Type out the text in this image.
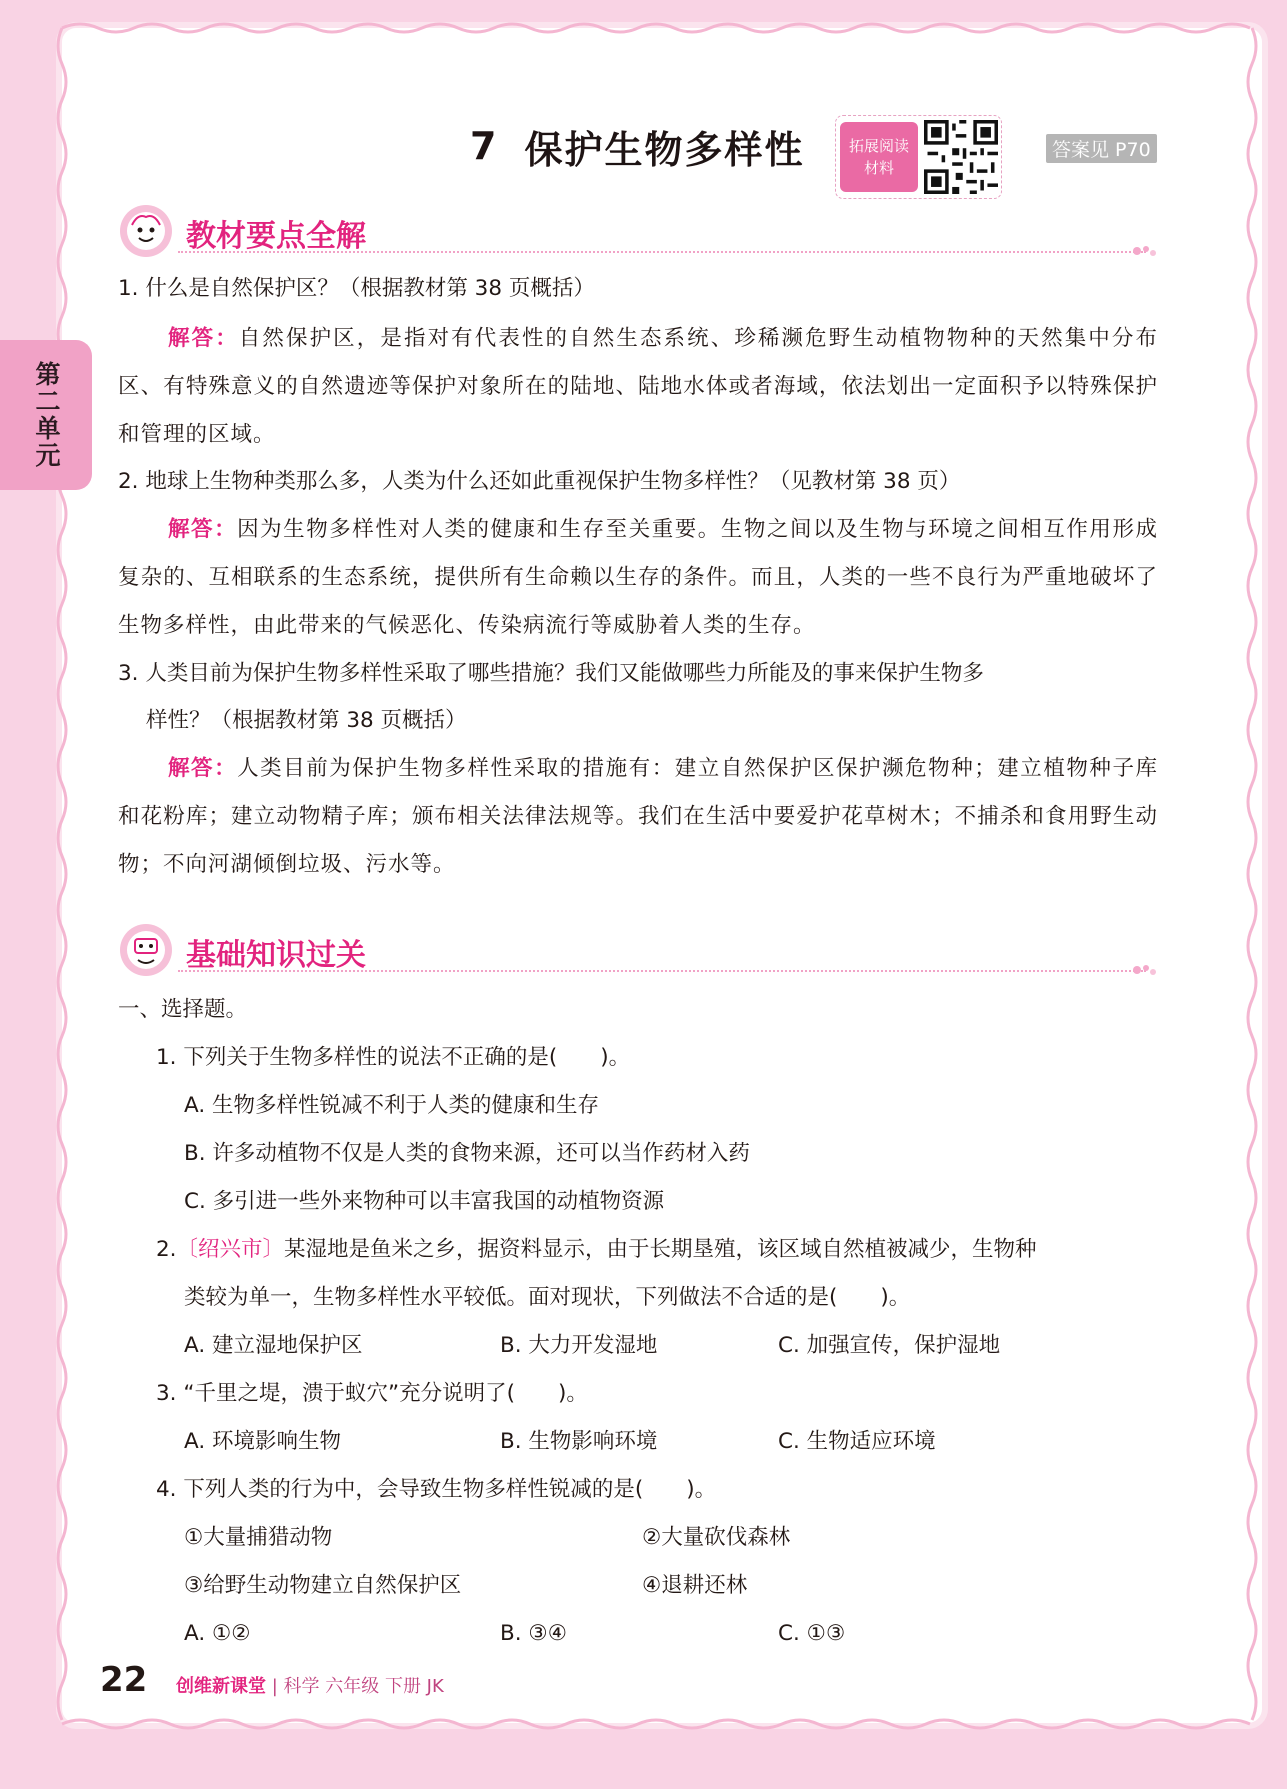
第二单元
7 保护生物多样性	拓展阅读
材料
答案见 P70
教材要点全解
1. 什么是自然保护区？（根据教材第 38 页概括）
解答：自然保护区，是指对有代表性的自然生态系统、珍稀濒危野生动植物物种的天然集中分布区、有特殊意义的自然遗迹等保护对象所在的陆地、陆地水体或者海域，依法划出一定面积予以特殊保护和管理的区域。
2. 地球上生物种类那么多，人类为什么还如此重视保护生物多样性？（见教材第 38 页）
解答：因为生物多样性对人类的健康和生存至关重要。生物之间以及生物与环境之间相互作用形成复杂的、互相联系的生态系统，提供所有生命赖以生存的条件。而且，人类的一些不良行为严重地破坏了生物多样性，由此带来的气候恶化、传染病流行等威胁着人类的生存。
3. 人类目前为保护生物多样性采取了哪些措施？我们又能做哪些力所能及的事来保护生物多
样性？（根据教材第 38 页概括）
解答：人类目前为保护生物多样性采取的措施有：建立自然保护区保护濒危物种；建立植物种子库和花粉库；建立动物精子库；颁布相关法律法规等。我们在生活中要爱护花草树木；不捕杀和食用野生动物；不向河湖倾倒垃圾、污水等。
基础知识过关
一、选择题。
1. 下列关于生物多样性的说法不正确的是(　　)。
A. 生物多样性锐减不利于人类的健康和生存
B. 许多动植物不仅是人类的食物来源，还可以当作药材入药
C. 多引进一些外来物种可以丰富我国的动植物资源
2.〔绍兴市〕某湿地是鱼米之乡，据资料显示，由于长期垦殖，该区域自然植被减少，生物种
类较为单一，生物多样性水平较低。面对现状，下列做法不合适的是(　　)。
A. 建立湿地保护区	B. 大力开发湿地	C. 加强宣传，保护湿地
3. “千里之堤，溃于蚁穴”充分说明了(　　)。
A. 环境影响生物	B. 生物影响环境	C. 生物适应环境
4. 下列人类的行为中，会导致生物多样性锐减的是(　　)。
①大量捕猎动物	②大量砍伐森林
③给野生动物建立自然保护区	④退耕还林
A. ①②	B. ③④	C. ①③
22 创维新课堂 | 科学 六年级 下册 JK
